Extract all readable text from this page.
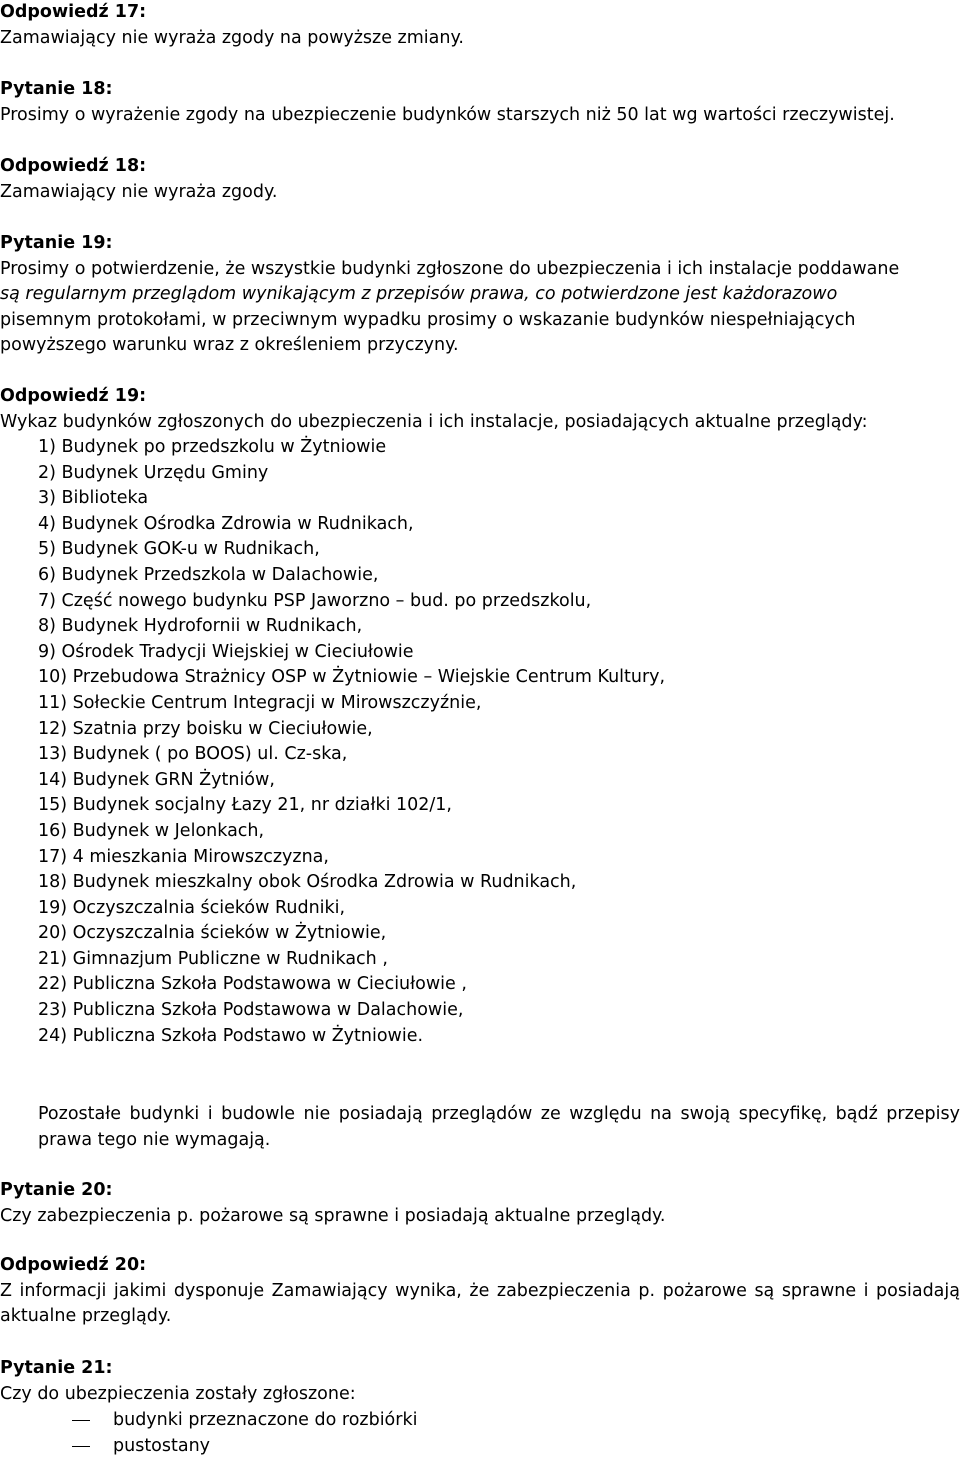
Odpowiedź 17:
Zamawiający nie wyraża zgody na powyższe zmiany.
Pytanie 18:
Prosimy o wyrażenie zgody na ubezpieczenie budynków starszych niż 50 lat wg wartości rzeczywistej.
Odpowiedź 18:
Zamawiający nie wyraża zgody.
Pytanie 19:
Prosimy o potwierdzenie, że wszystkie budynki zgłoszone do ubezpieczenia i ich instalacje poddawane
są regularnym przeglądom wynikającym z przepisów prawa, co potwierdzone jest każdorazowo
pisemnym protokołami, w przeciwnym wypadku prosimy o wskazanie budynków niespełniających
powyższego warunku wraz z określeniem przyczyny.
Odpowiedź 19:
Wykaz budynków zgłoszonych do ubezpieczenia i ich instalacje, posiadających aktualne przeglądy:
1) Budynek po przedszkolu w Żytniowie
2) Budynek Urzędu Gminy
3) Biblioteka
4) Budynek Ośrodka Zdrowia w Rudnikach,
5) Budynek GOK-u w Rudnikach,
6) Budynek Przedszkola w Dalachowie,
7) Część nowego budynku PSP Jaworzno – bud. po przedszkolu,
8) Budynek Hydrofornii w Rudnikach,
9) Ośrodek Tradycji Wiejskiej w Cieciułowie
10) Przebudowa Strażnicy OSP w Żytniowie – Wiejskie Centrum Kultury,
11) Sołeckie Centrum Integracji w Mirowszczyźnie,
12) Szatnia przy boisku w Cieciułowie,
13) Budynek ( po BOOS) ul. Cz-ska,
14) Budynek GRN Żytniów,
15) Budynek socjalny Łazy 21, nr działki 102/1,
16) Budynek w Jelonkach,
17) 4 mieszkania Mirowszczyzna,
18) Budynek mieszkalny obok Ośrodka Zdrowia w Rudnikach,
19) Oczyszczalnia ścieków Rudniki,
20) Oczyszczalnia ścieków w Żytniowie,
21) Gimnazjum Publiczne w Rudnikach ,
22) Publiczna Szkoła Podstawowa w Cieciułowie ,
23) Publiczna Szkoła Podstawowa w Dalachowie,
24) Publiczna Szkoła Podstawo w Żytniowie.
Pozostałe budynki i budowle nie posiadają przeglądów ze względu na swoją specyfikę, bądź przepisy prawa tego nie wymagają.
Pytanie 20:
Czy zabezpieczenia p. pożarowe są sprawne i posiadają aktualne przeglądy.
Odpowiedź 20:
Z informacji jakimi dysponuje Zamawiający wynika, że zabezpieczenia p. pożarowe są sprawne i posiadają aktualne przeglądy.
Pytanie 21:
Czy do ubezpieczenia zostały zgłoszone:
budynki przeznaczone do rozbiórki
pustostany
